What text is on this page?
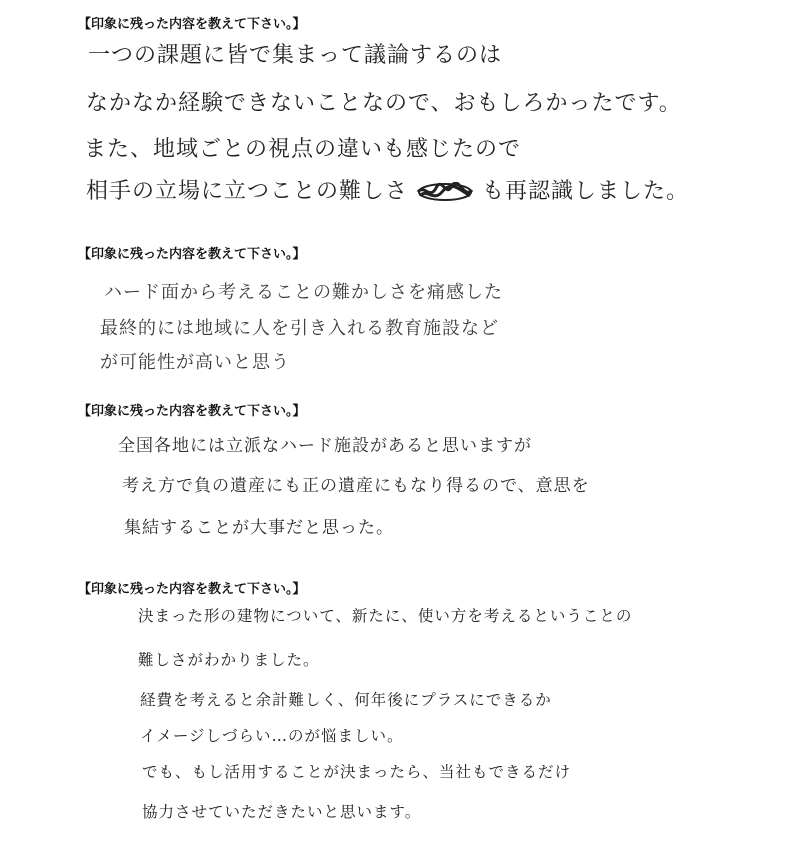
【印象に残った内容を教えて下さい。】
一つの課題に皆で集まって議論するのは
なかなか経験できないことなので、おもしろかったです。
また、地域ごとの視点の違いも感じたので
相手の立場に立つことの難しさ	も再認識しました。
【印象に残った内容を教えて下さい。】
ハード面から考えることの難かしさを痛感した
最終的には地域に人を引き入れる教育施設など
が可能性が高いと思う
【印象に残った内容を教えて下さい。】
全国各地には立派なハード施設があると思いますが
考え方で負の遺産にも正の遺産にもなり得るので、意思を
集結することが大事だと思った。
【印象に残った内容を教えて下さい。】
決まった形の建物について、新たに、使い方を考えるということの
難しさがわかりました。
経費を考えると余計難しく、何年後にプラスにできるか
イメージしづらい…のが悩ましい。
でも、もし活用することが決まったら、当社もできるだけ
協力させていただきたいと思います。
